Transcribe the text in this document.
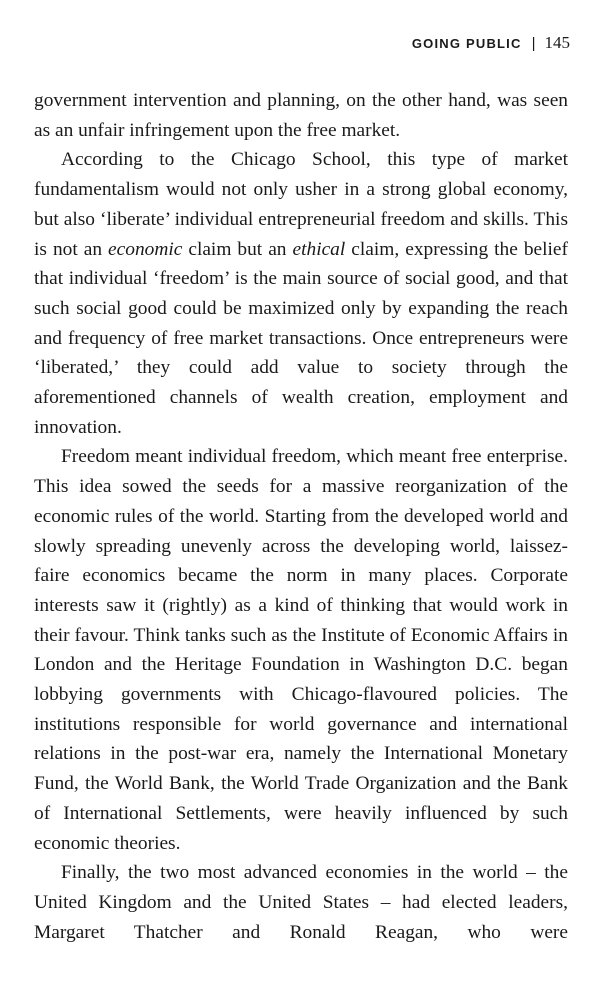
GOING PUBLIC | 145

government intervention and planning, on the other hand, was seen as an unfair infringement upon the free market.

According to the Chicago School, this type of market fundamentalism would not only usher in a strong global economy, but also ‘liberate’ individual entrepreneurial freedom and skills. This is not an economic claim but an ethical claim, expressing the belief that individual ‘freedom’ is the main source of social good, and that such social good could be maximized only by expanding the reach and frequency of free market transactions. Once entrepreneurs were ‘liberated,’ they could add value to society through the aforementioned channels of wealth creation, employment and innovation.

Freedom meant individual freedom, which meant free enterprise. This idea sowed the seeds for a massive reorganization of the economic rules of the world. Starting from the developed world and slowly spreading unevenly across the developing world, laissez-faire economics became the norm in many places. Corporate interests saw it (rightly) as a kind of thinking that would work in their favour. Think tanks such as the Institute of Economic Affairs in London and the Heritage Foundation in Washington D.C. began lobbying governments with Chicago-flavoured policies. The institutions responsible for world governance and international relations in the post-war era, namely the International Monetary Fund, the World Bank, the World Trade Organization and the Bank of International Settlements, were heavily influenced by such economic theories.

Finally, the two most advanced economies in the world – the United Kingdom and the United States – had elected leaders, Margaret Thatcher and Ronald Reagan, who were
